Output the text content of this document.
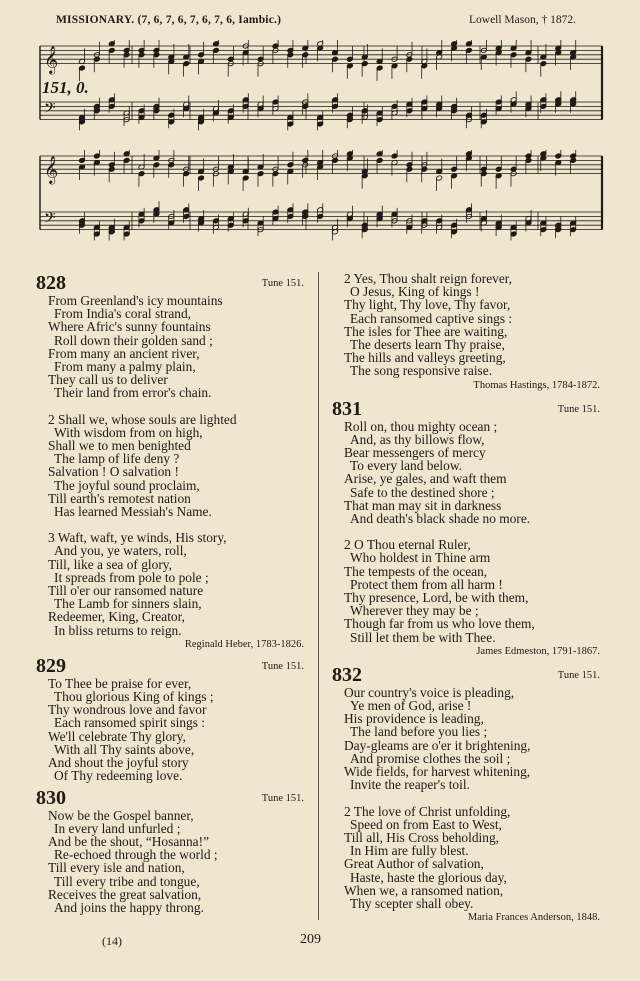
MISSIONARY. (7, 6, 7, 6, 7, 6, 7, 6, Iambic.)	Lowell Mason, † 1872.
𝄞
𝄢
151, 0.
𝄞
𝄢
828	Tune 151.
From Greenland's icy mountains
From India's coral strand,
Where Afric's sunny fountains
Roll down their golden sand ;
From many an ancient river,
From many a palmy plain,
They call us to deliver
Their land from error's chain.
2 Shall we, whose souls are lighted
With wisdom from on high,
Shall we to men benighted
The lamp of life deny ?
Salvation ! O salvation !
The joyful sound proclaim,
Till earth's remotest nation
Has learned Messiah's Name.
3 Waft, waft, ye winds, His story,
And you, ye waters, roll,
Till, like a sea of glory,
It spreads from pole to pole ;
Till o'er our ransomed nature
The Lamb for sinners slain,
Redeemer, King, Creator,
In bliss returns to reign.
Reginald Heber, 1783-1826.
829	Tune 151.
To Thee be praise for ever,
Thou glorious King of kings ;
Thy wondrous love and favor
Each ransomed spirit sings :
We'll celebrate Thy glory,
With all Thy saints above,
And shout the joyful story
Of Thy redeeming love.
830	Tune 151.
Now be the Gospel banner,
In every land unfurled ;
And be the shout, “Hosanna!”
Re-echoed through the world ;
Till every isle and nation,
Till every tribe and tongue,
Receives the great salvation,
And joins the happy throng.
2 Yes, Thou shalt reign forever,
O Jesus, King of kings !
Thy light, Thy love, Thy favor,
Each ransomed captive sings :
The isles for Thee are waiting,
The deserts learn Thy praise,
The hills and valleys greeting,
The song responsive raise.
Thomas Hastings, 1784-1872.
831	Tune 151.
Roll on, thou mighty ocean ;
And, as thy billows flow,
Bear messengers of mercy
To every land below.
Arise, ye gales, and waft them
Safe to the destined shore ;
That man may sit in darkness
And death's black shade no more.
2 O Thou eternal Ruler,
Who holdest in Thine arm
The tempests of the ocean,
Protect them from all harm !
Thy presence, Lord, be with them,
Wherever they may be ;
Though far from us who love them,
Still let them be with Thee.
James Edmeston, 1791-1867.
832	Tune 151.
Our country's voice is pleading,
Ye men of God, arise !
His providence is leading,
The land before you lies ;
Day-gleams are o'er it brightening,
And promise clothes the soil ;
Wide fields, for harvest whitening,
Invite the reaper's toil.
2 The love of Christ unfolding,
Speed on from East to West,
Till all, His Cross beholding,
In Him are fully blest.
Great Author of salvation,
Haste, haste the glorious day,
When we, a ransomed nation,
Thy scepter shall obey.
Maria Frances Anderson, 1848.
(14)	209
